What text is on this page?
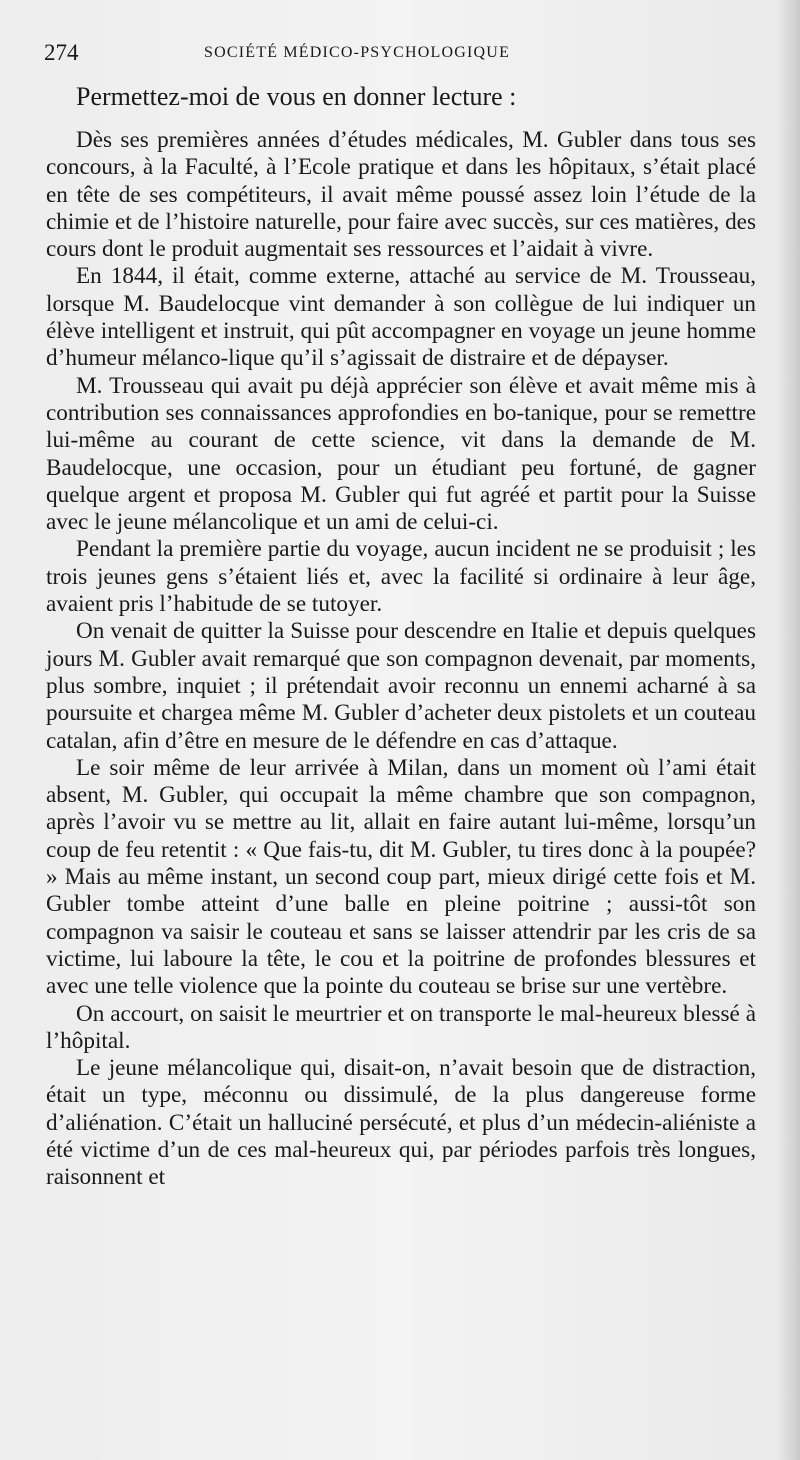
274	SOCIÉTÉ MÉDICO-PSYCHOLOGIQUE

Permettez-moi de vous en donner lecture :

Dès ses premières années d’études médicales, M. Gubler dans tous ses concours, à la Faculté, à l’Ecole pratique et dans les hôpitaux, s’était placé en tête de ses compétiteurs, il avait même poussé assez loin l’étude de la chimie et de l’histoire naturelle, pour faire avec succès, sur ces matières, des cours dont le produit augmentait ses ressources et l’aidait à vivre.

En 1844, il était, comme externe, attaché au service de M. Trousseau, lorsque M. Baudelocque vint demander à son collègue de lui indiquer un élève intelligent et instruit, qui pût accompagner en voyage un jeune homme d’humeur mélanco-lique qu’il s’agissait de distraire et de dépayser.

M. Trousseau qui avait pu déjà apprécier son élève et avait même mis à contribution ses connaissances approfondies en bo-tanique, pour se remettre lui-même au courant de cette science, vit dans la demande de M. Baudelocque, une occasion, pour un étudiant peu fortuné, de gagner quelque argent et proposa M. Gubler qui fut agréé et partit pour la Suisse avec le jeune mélancolique et un ami de celui-ci.

Pendant la première partie du voyage, aucun incident ne se produisit ; les trois jeunes gens s’étaient liés et, avec la facilité si ordinaire à leur âge, avaient pris l’habitude de se tutoyer.

On venait de quitter la Suisse pour descendre en Italie et depuis quelques jours M. Gubler avait remarqué que son compagnon devenait, par moments, plus sombre, inquiet ; il prétendait avoir reconnu un ennemi acharné à sa poursuite et chargea même M. Gubler d’acheter deux pistolets et un couteau catalan, afin d’être en mesure de le défendre en cas d’attaque.

Le soir même de leur arrivée à Milan, dans un moment où l’ami était absent, M. Gubler, qui occupait la même chambre que son compagnon, après l’avoir vu se mettre au lit, allait en faire autant lui-même, lorsqu’un coup de feu retentit : « Que fais-tu, dit M. Gubler, tu tires donc à la poupée? » Mais au même instant, un second coup part, mieux dirigé cette fois et M. Gubler tombe atteint d’une balle en pleine poitrine ; aussi-tôt son compagnon va saisir le couteau et sans se laisser attendrir par les cris de sa victime, lui laboure la tête, le cou et la poitrine de profondes blessures et avec une telle violence que la pointe du couteau se brise sur une vertèbre.

On accourt, on saisit le meurtrier et on transporte le mal-heureux blessé à l’hôpital.

Le jeune mélancolique qui, disait-on, n’avait besoin que de distraction, était un type, méconnu ou dissimulé, de la plus dangereuse forme d’aliénation. C’était un halluciné persécuté, et plus d’un médecin-aliéniste a été victime d’un de ces mal-heureux qui, par périodes parfois très longues, raisonnent et
